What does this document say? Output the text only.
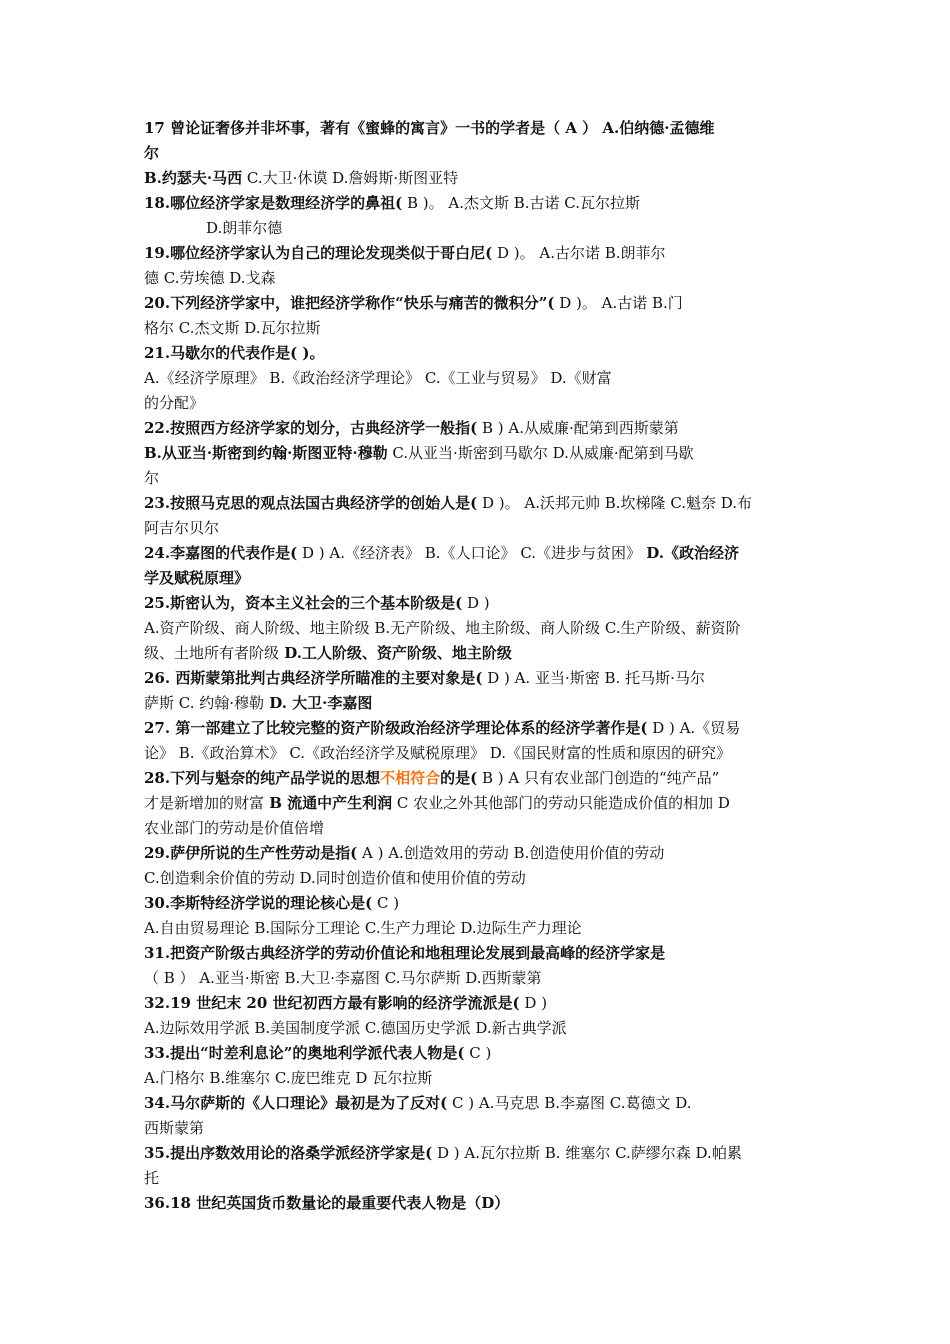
17 曾论证奢侈并非坏事，著有《蜜蜂的寓言》一书的学者是（ A ） A.伯纳德·孟德维
尔
B.约瑟夫·马西 C.大卫·休谟 D.詹姆斯·斯图亚特
18.哪位经济学家是数理经济学的鼻祖( B )。 A.杰文斯 B.古诺 C.瓦尔拉斯
D.朗菲尔德
19.哪位经济学家认为自己的理论发现类似于哥白尼( D )。 A.古尔诺 B.朗菲尔
德 C.劳埃德 D.戈森
20.下列经济学家中，谁把经济学称作“快乐与痛苦的微积分”( D )。 A.古诺 B.门
格尔 C.杰文斯 D.瓦尔拉斯
21.马歇尔的代表作是( )。
A.《经济学原理》 B.《政治经济学理论》 C.《工业与贸易》 D.《财富
的分配》
22.按照西方经济学家的划分，古典经济学一般指( B ) A.从威廉·配第到西斯蒙第
B.从亚当·斯密到约翰·斯图亚特·穆勒 C.从亚当·斯密到马歇尔 D.从威廉·配第到马歇
尔
23.按照马克思的观点法国古典经济学的创始人是( D )。 A.沃邦元帅 B.坎梯隆 C.魁奈 D.布
阿吉尔贝尔
24.李嘉图的代表作是( D ) A.《经济表》 B.《人口论》 C.《进步与贫困》 D.《政治经济
学及赋税原理》
25.斯密认为，资本主义社会的三个基本阶级是( D )
A.资产阶级、商人阶级、地主阶级 B.无产阶级、地主阶级、商人阶级 C.生产阶级、薪资阶
级、土地所有者阶级 D.工人阶级、资产阶级、地主阶级
26. 西斯蒙第批判古典经济学所瞄准的主要对象是( D ) A. 亚当·斯密 B. 托马斯·马尔
萨斯 C. 约翰·穆勒 D. 大卫·李嘉图
27. 第一部建立了比较完整的资产阶级政治经济学理论体系的经济学著作是( D ) A.《贸易
论》 B.《政治算术》 C.《政治经济学及赋税原理》 D.《国民财富的性质和原因的研究》
28.下列与魁奈的纯产品学说的思想不相符合的是( B ) A 只有农业部门创造的“纯产品”
才是新增加的财富 B 流通中产生利润 C 农业之外其他部门的劳动只能造成价值的相加 D
农业部门的劳动是价值倍增
29.萨伊所说的生产性劳动是指( A ) A.创造效用的劳动 B.创造使用价值的劳动
C.创造剩余价值的劳动 D.同时创造价值和使用价值的劳动
30.李斯特经济学说的理论核心是( C )
A.自由贸易理论 B.国际分工理论 C.生产力理论 D.边际生产力理论
31.把资产阶级古典经济学的劳动价值论和地租理论发展到最高峰的经济学家是
（ B ） A.亚当·斯密 B.大卫·李嘉图 C.马尔萨斯 D.西斯蒙第
32.19 世纪末 20 世纪初西方最有影响的经济学流派是( D )
A.边际效用学派 B.美国制度学派 C.德国历史学派 D.新古典学派
33.提出“时差利息论”的奥地利学派代表人物是( C )
A.门格尔 B.维塞尔 C.庞巴维克 D 瓦尔拉斯
34.马尔萨斯的《人口理论》最初是为了反对( C ) A.马克思 B.李嘉图 C.葛德文 D.
西斯蒙第
35.提出序数效用论的洛桑学派经济学家是( D ) A.瓦尔拉斯 B. 维塞尔 C.萨缪尔森 D.帕累
托
36.18 世纪英国货币数量论的最重要代表人物是（D）
